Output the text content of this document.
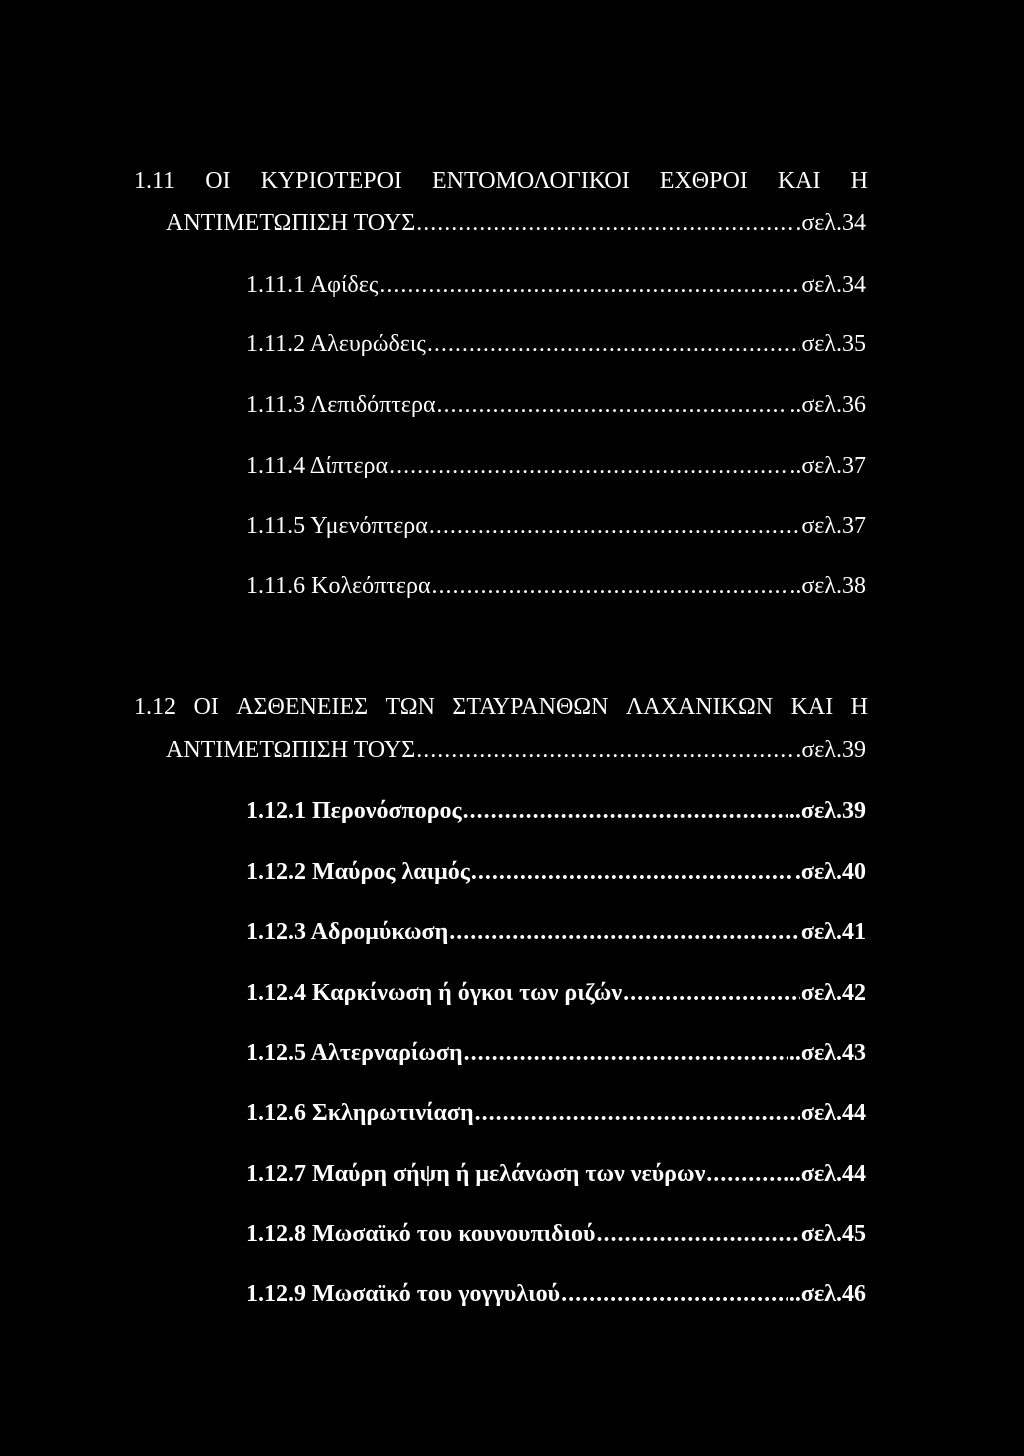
1.11 ΟΙ ΚΥΡΙΟΤΕΡΟΙ ΕΝΤΟΜΟΛΟΓΙΚΟΙ ΕΧΘΡΟΙ ΚΑΙ Η
ΑΝΤΙΜΕΤΩΠΙΣΗ ΤΟΥΣ .....	.σελ.34
1.11.1 Αφίδες .....	σελ.34
1.11.2 Αλευρώδεις .....	σελ.35
1.11.3 Λεπιδόπτερα .....	..σελ.36
1.11.4 Δίπτερα .....	..σελ.37
1.11.5 Υμενόπτερα .....	σελ.37
1.11.6 Κολεόπτερα .....	..σελ.38
1.12 ΟΙ ΑΣΘΕΝΕΙΕΣ ΤΩΝ ΣΤΑΥΡΑΝΘΩΝ ΛΑΧΑΝΙΚΩΝ ΚΑΙ Η
ΑΝΤΙΜΕΤΩΠΙΣΗ ΤΟΥΣ .....	.σελ.39
1.12.1 Περονόσπορος .....	..σελ.39
1.12.2 Μαύρος λαιμός .....	.σελ.40
1.12.3 Αδρομύκωση .....	σελ.41
1.12.4 Καρκίνωση ή όγκοι των ριζών .....	σελ.42
1.12.5 Αλτερναρίωση .....	..σελ.43
1.12.6 Σκληρωτινίαση .....	σελ.44
1.12.7 Μαύρη σήψη ή μελάνωση των νεύρων .....	..σελ.44
1.12.8 Μωσαϊκό του κουνουπιδιού .....	σελ.45
1.12.9 Μωσαϊκό του γογγυλιού .....	..σελ.46
